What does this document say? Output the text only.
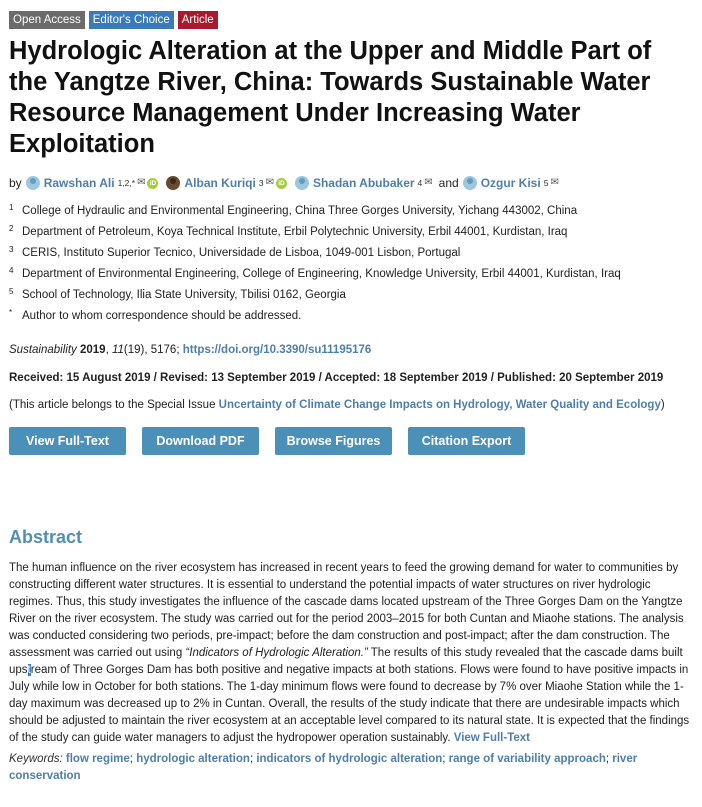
Open Access	Editor's Choice	Article
Hydrologic Alteration at the Upper and Middle Part of the Yangtze River, China: Towards Sustainable Water Resource Management Under Increasing Water Exploitation
by Rawshan Ali 1,2,* ✉ iD Alban Kuriqi 3 ✉ iD Shadan Abubaker 4 ✉ and Ozgur Kisi 5 ✉
1 College of Hydraulic and Environmental Engineering, China Three Gorges University, Yichang 443002, China
2 Department of Petroleum, Koya Technical Institute, Erbil Polytechnic University, Erbil 44001, Kurdistan, Iraq
3 CERIS, Instituto Superior Tecnico, Universidade de Lisboa, 1049-001 Lisbon, Portugal
4 Department of Environmental Engineering, College of Engineering, Knowledge University, Erbil 44001, Kurdistan, Iraq
5 School of Technology, Ilia State University, Tbilisi 0162, Georgia
* Author to whom correspondence should be addressed.
Sustainability 2019, 11(19), 5176; https://doi.org/10.3390/su11195176
Received: 15 August 2019 / Revised: 13 September 2019 / Accepted: 18 September 2019 / Published: 20 September 2019
(This article belongs to the Special Issue Uncertainty of Climate Change Impacts on Hydrology, Water Quality and Ecology)
View Full-Text	Download PDF	Browse Figures	Citation Export
Abstract
The human influence on the river ecosystem has increased in recent years to feed the growing demand for water to communities by constructing different water structures. It is essential to understand the potential impacts of water structures on river hydrologic regimes. Thus, this study investigates the influence of the cascade dams located upstream of the Three Gorges Dam on the Yangtze River on the river ecosystem. The study was carried out for the period 2003–2015 for both Cuntan and Miaohe stations. The analysis was conducted considering two periods, pre-impact; before the dam construction and post-impact; after the dam construction. The assessment was carried out using “Indicators of Hydrologic Alteration.” The results of this study revealed that the cascade dams built upstream of Three Gorges Dam has both positive and negative impacts at both stations. Flows were found to have positive impacts in July while low in October for both stations. The 1-day minimum flows were found to decrease by 7% over Miaohe Station while the 1-day maximum was decreased up to 2% in Cuntan. Overall, the results of the study indicate that there are undesirable impacts which should be adjusted to maintain the river ecosystem at an acceptable level compared to its natural state. It is expected that the findings of the study can guide water managers to adjust the hydropower operation sustainably. View Full-Text
Keywords: flow regime; hydrologic alteration; indicators of hydrologic alteration; range of variability approach; river conservation
